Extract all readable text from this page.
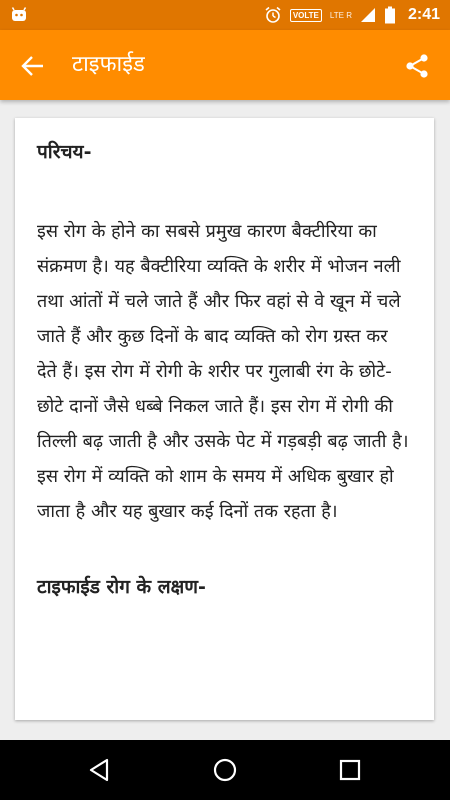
VOLTE	LTE R	2:41
टाइफाईड
परिचय-

इस रोग के होने का सबसे प्रमुख कारण बैक्टीरिया का संक्रमण है। यह बैक्टीरिया व्यक्ति के शरीर में भोजन नली तथा आंतों में चले जाते हैं और फिर वहां से वे खून में चले जाते हैं और कुछ दिनों के बाद व्यक्ति को रोग ग्रस्त कर देते हैं। इस रोग में रोगी के शरीर पर गुलाबी रंग के छोटे-छोटे दानों जैसे धब्बे निकल जाते हैं। इस रोग में रोगी की तिल्ली बढ़ जाती है और उसके पेट में गड़बड़ी बढ़ जाती है। इस रोग में व्यक्ति को शाम के समय में अधिक बुखार हो जाता है और यह बुखार कई दिनों तक रहता है।

टाइफाईड रोग के लक्षण-
